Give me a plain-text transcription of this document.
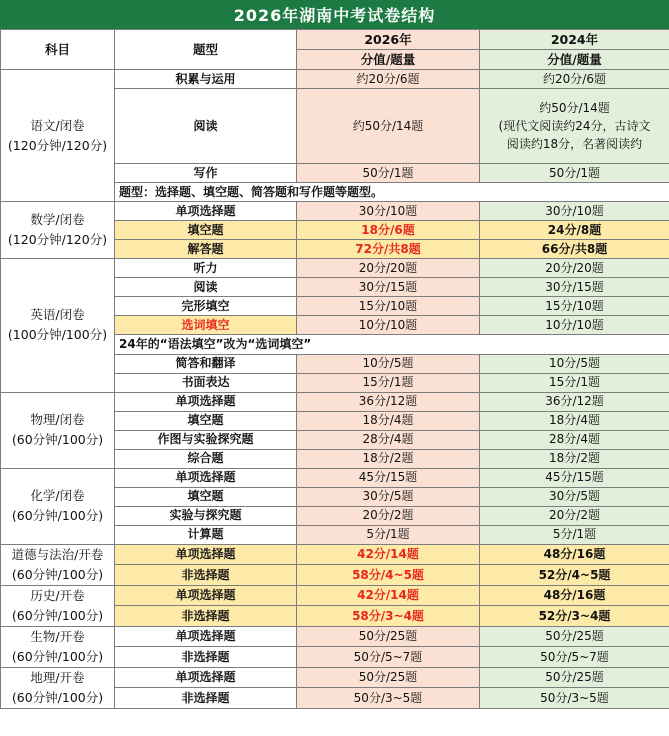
2026年湖南中考试卷结构
科目	题型	2026年	2024年
		分值/题量	分值/题量

语文/闭卷
(120分钟/120分)	积累与运用	约20分/6题	约20分/6题
	阅读	约50分/14题	约50分/14题
(现代文阅读约24分，古诗文
阅读约18分，名著阅读约

	写作	50分/1题	50分/1题
	题型：选择题、填空题、简答题和写作题等题型。		

数学/闭卷
(120分钟/120分)	单项选择题	30分/10题	30分/10题
	填空题	18分/6题	24分/8题
	解答题	72分/共8题	66分/共8题

英语/闭卷
(100分钟/100分)	听力	20分/20题	20分/20题
	阅读	30分/15题	30分/15题
	完形填空	15分/10题	15分/10题
	选词填空	10分/10题	10分/10题
	24年的“语法填空”改为“选词填空”		
	简答和翻译	10分/5题	10分/5题
	书面表达	15分/1题	15分/1题

物理/闭卷
(60分钟/100分)	单项选择题	36分/12题	36分/12题
	填空题	18分/4题	18分/4题
	作图与实验探究题	28分/4题	28分/4题
	综合题	18分/2题	18分/2题

化学/闭卷
(60分钟/100分)	单项选择题	45分/15题	45分/15题
	填空题	30分/5题	30分/5题
	实验与探究题	20分/2题	20分/2题
	计算题	5分/1题	5分/1题

道德与法治/开卷
(60分钟/100分)	单项选择题	42分/14题	48分/16题
	非选择题	58分/4~5题	52分/4~5题

历史/开卷
(60分钟/100分)	单项选择题	42分/14题	48分/16题
	非选择题	58分/3~4题	52分/3~4题

生物/开卷
(60分钟/100分)	单项选择题	50分/25题	50分/25题
	非选择题	50分/5~7题	50分/5~7题

地理/开卷
(60分钟/100分)	单项选择题	50分/25题	50分/25题
	非选择题	50分/3~5题	50分/3~5题
